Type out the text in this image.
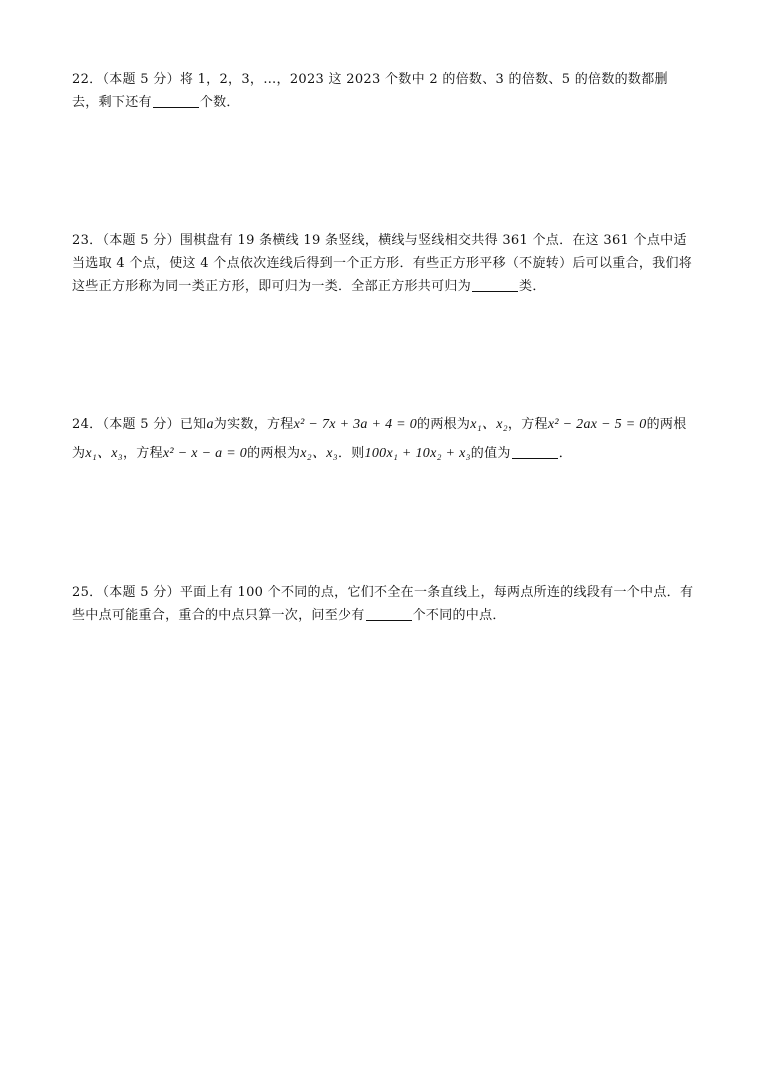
22．（本题 5 分）将 1，2，3，…，2023 这 2023 个数中 2 的倍数、3 的倍数、5 的倍数的数都删去，剩下还有	个数．
23．（本题 5 分）围棋盘有 19 条横线 19 条竖线，横线与竖线相交共得 361 个点．在这 361 个点中适当选取 4 个点，使这 4 个点依次连线后得到一个正方形．有些正方形平移（不旋转）后可以重合，我们将这些正方形称为同一类正方形，即可归为一类．全部正方形共可归为	类．
24．（本题 5 分）已知a为实数，方程x² − 7x + 3a + 4 = 0的两根为x₁、x₂，方程x² − 2ax − 5 = 0的两根为x₁、x₃，方程x² − x − a = 0的两根为x₂、x₃．则100x₁ + 10x₂ + x₃的值为	．
25．（本题 5 分）平面上有 100 个不同的点，它们不全在一条直线上，每两点所连的线段有一个中点．有些中点可能重合，重合的中点只算一次，问至少有	个不同的中点．
